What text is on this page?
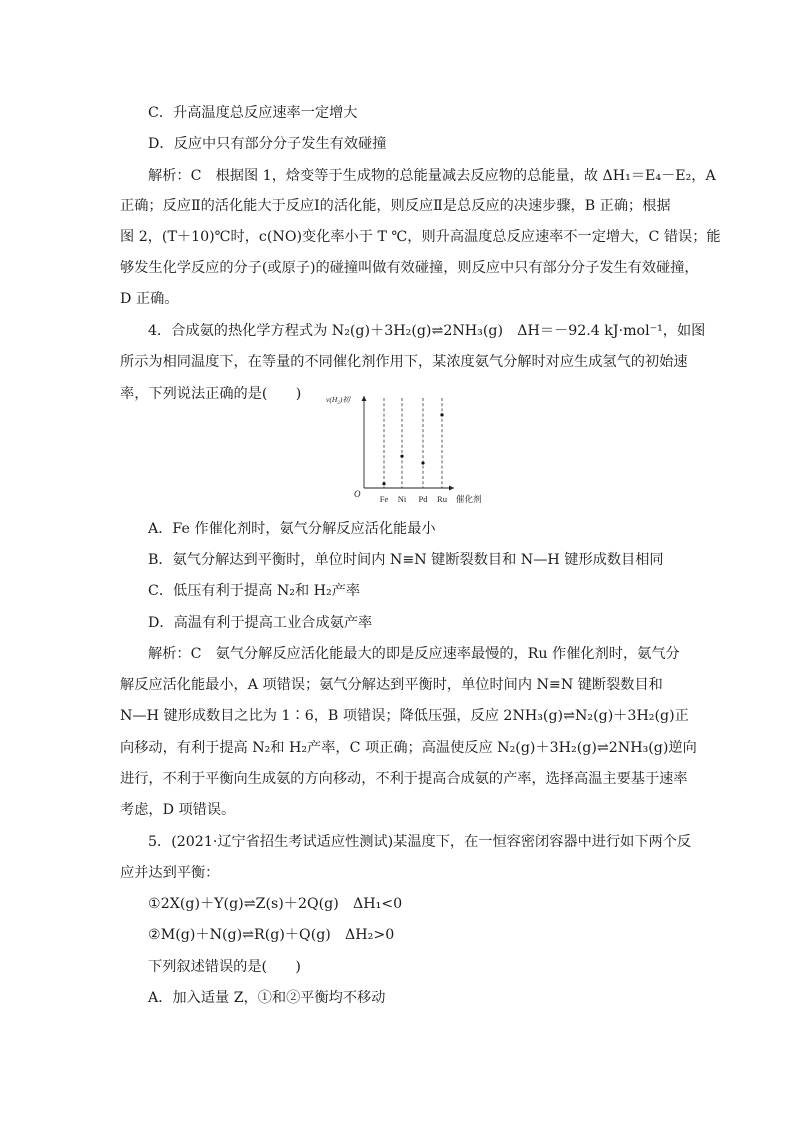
C．升高温度总反应速率一定增大
D．反应中只有部分分子发生有效碰撞
解析：C　根据图 1，焓变等于生成物的总能量减去反应物的总能量，故 ΔH₁＝E₄－E₂，A
正确；反应Ⅱ的活化能大于反应Ⅰ的活化能，则反应Ⅱ是总反应的决速步骤，B 正确；根据
图 2，(T＋10)℃时，c(NO)变化率小于 T ℃，则升高温度总反应速率不一定增大，C 错误；能
够发生化学反应的分子(或原子)的碰撞叫做有效碰撞，则反应中只有部分分子发生有效碰撞，
D 正确。
4．合成氨的热化学方程式为 N₂(g)＋3H₂(g)⇌2NH₃(g)　ΔH＝－92.4 kJ·mol⁻¹，如图
所示为相同温度下，在等量的不同催化剂作用下，某浓度氨气分解时对应生成氢气的初始速
率，下列说法正确的是(　　)	v(H₂)初
O	催化剂
Fe Ni Pd Ru
A．Fe 作催化剂时，氨气分解反应活化能最小
B．氨气分解达到平衡时，单位时间内 N≡N 键断裂数目和 N—H 键形成数目相同
C．低压有利于提高 N₂和 H₂产率
D．高温有利于提高工业合成氨产率
解析：C　氨气分解反应活化能最大的即是反应速率最慢的，Ru 作催化剂时，氨气分
解反应活化能最小，A 项错误；氨气分解达到平衡时，单位时间内 N≡N 键断裂数目和
N—H 键形成数目之比为 1∶6，B 项错误；降低压强，反应 2NH₃(g)⇌N₂(g)＋3H₂(g)正
向移动，有利于提高 N₂和 H₂产率，C 项正确；高温使反应 N₂(g)＋3H₂(g)⇌2NH₃(g)逆向
进行，不利于平衡向生成氨的方向移动，不利于提高合成氨的产率，选择高温主要基于速率
考虑，D 项错误。
5．(2021·辽宁省招生考试适应性测试)某温度下，在一恒容密闭容器中进行如下两个反
应并达到平衡：
①2X(g)＋Y(g)⇌Z(s)＋2Q(g)　ΔH₁<0
②M(g)＋N(g)⇌R(g)＋Q(g)　ΔH₂>0
下列叙述错误的是(　　)
A．加入适量 Z，①和②平衡均不移动
